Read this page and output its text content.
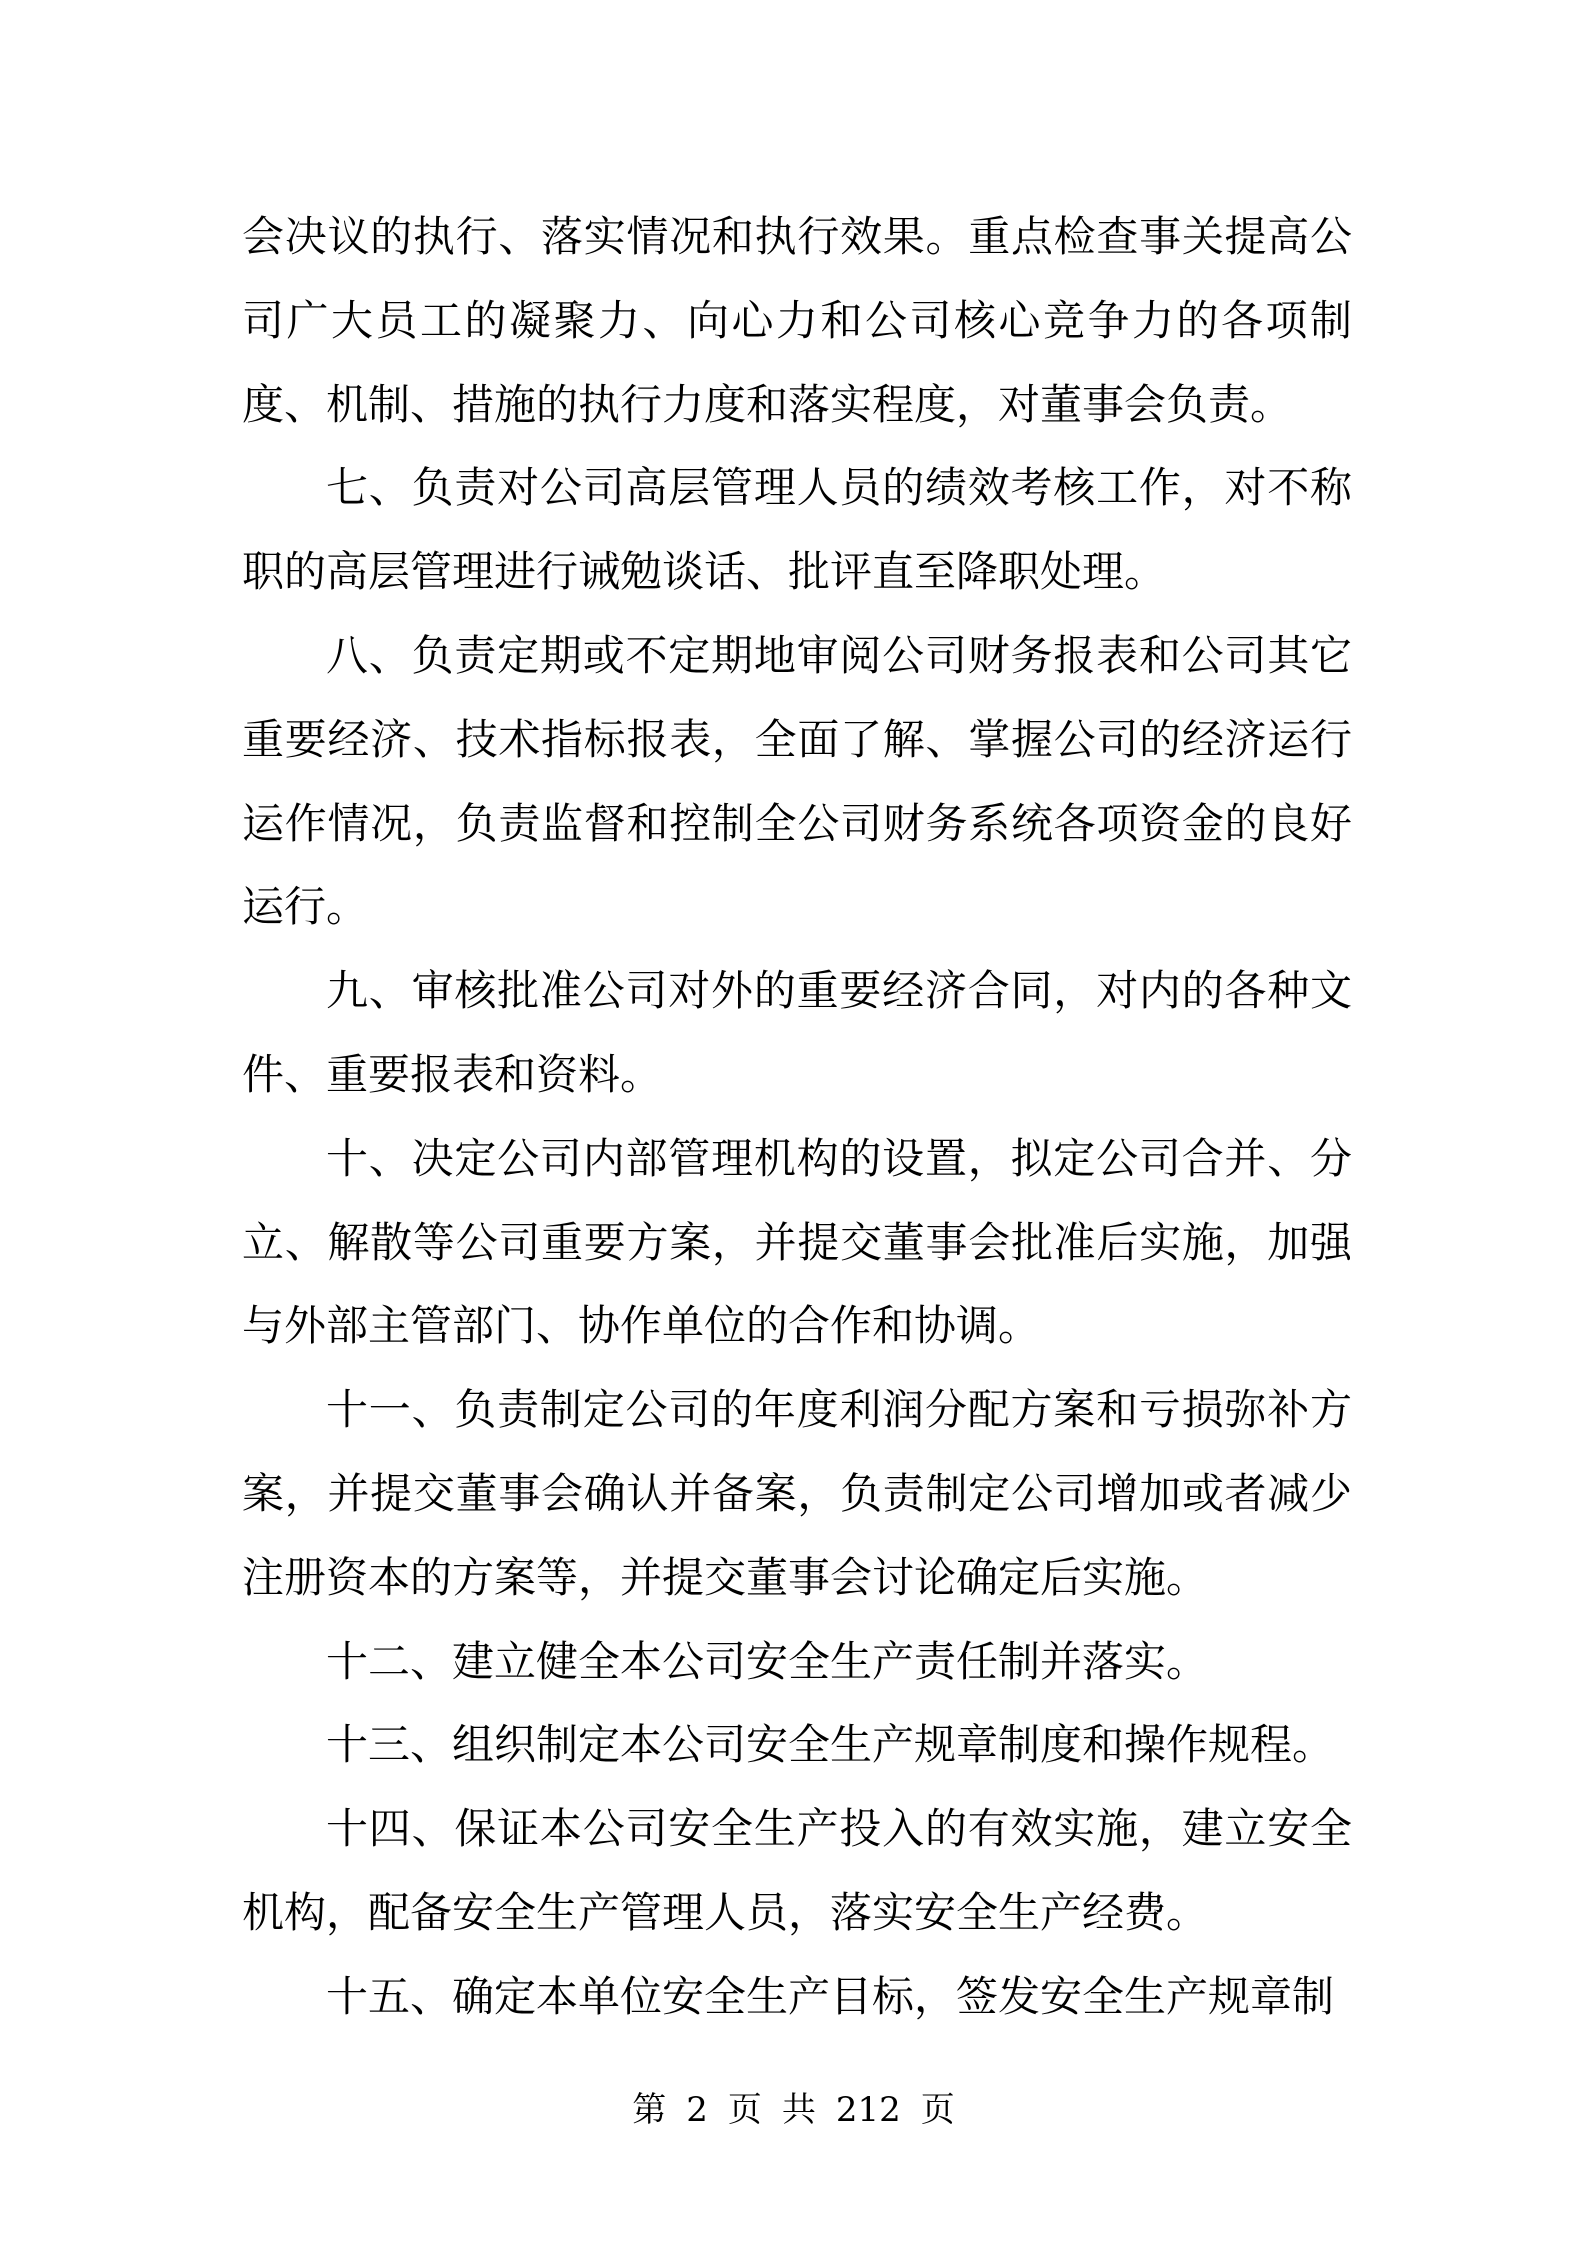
会决议的执行、落实情况和执行效果。重点检查事关提高公司广大员工的凝聚力、向心力和公司核心竞争力的各项制度、机制、措施的执行力度和落实程度，对董事会负责。

七、负责对公司高层管理人员的绩效考核工作，对不称职的高层管理进行诫勉谈话、批评直至降职处理。

八、负责定期或不定期地审阅公司财务报表和公司其它重要经济、技术指标报表，全面了解、掌握公司的经济运行运作情况，负责监督和控制全公司财务系统各项资金的良好运行。

九、审核批准公司对外的重要经济合同，对内的各种文件、重要报表和资料。

十、决定公司内部管理机构的设置，拟定公司合并、分立、解散等公司重要方案，并提交董事会批准后实施，加强与外部主管部门、协作单位的合作和协调。

十一、负责制定公司的年度利润分配方案和亏损弥补方案，并提交董事会确认并备案，负责制定公司增加或者减少注册资本的方案等，并提交董事会讨论确定后实施。

十二、建立健全本公司安全生产责任制并落实。

十三、组织制定本公司安全生产规章制度和操作规程。

十四、保证本公司安全生产投入的有效实施，建立安全机构，配备安全生产管理人员，落实安全生产经费。

十五、确定本单位安全生产目标，签发安全生产规章制

第 2 页 共 212 页
